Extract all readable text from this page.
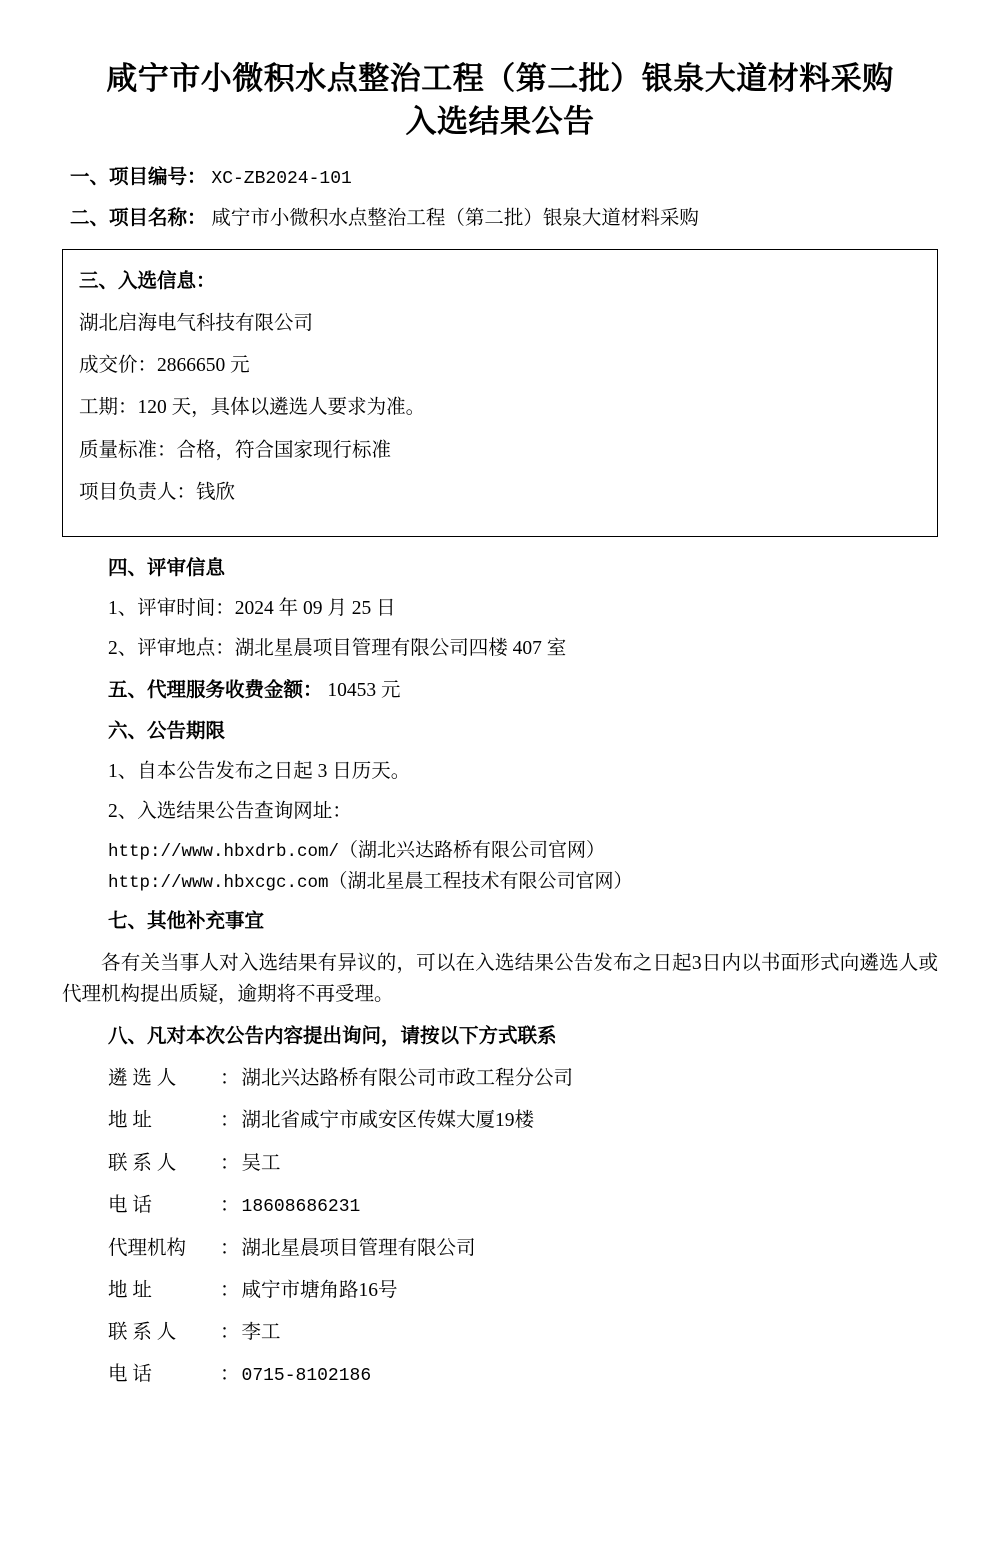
咸宁市小微积水点整治工程（第二批）银泉大道材料采购入选结果公告
一、项目编号： XC-ZB2024-101
二、项目名称： 咸宁市小微积水点整治工程（第二批）银泉大道材料采购
三、入选信息：
湖北启海电气科技有限公司
成交价：2866650 元
工期：120 天，具体以遴选人要求为准。
质量标准：合格，符合国家现行标准
项目负责人：钱欣
四、评审信息
1、评审时间：2024 年 09 月 25 日
2、评审地点：湖北星晨项目管理有限公司四楼 407 室
五、代理服务收费金额： 10453 元
六、公告期限
1、自本公告发布之日起 3 日历天。
2、入选结果公告查询网址：
http://www.hbxdrb.com/（湖北兴达路桥有限公司官网）
http://www.hbxcgc.com（湖北星晨工程技术有限公司官网）
七、其他补充事宜
各有关当事人对入选结果有异议的，可以在入选结果公告发布之日起3日内以书面形式向遴选人或代理机构提出质疑，逾期将不再受理。
八、凡对本次公告内容提出询问，请按以下方式联系
遴 选 人	： 湖北兴达路桥有限公司市政工程分公司
地 址	： 湖北省咸宁市咸安区传媒大厦19楼
联 系 人	： 吴工
电 话	： 18608686231
代理机构	： 湖北星晨项目管理有限公司
地 址	： 咸宁市塘角路16号
联 系 人	： 李工
电 话	： 0715-8102186
